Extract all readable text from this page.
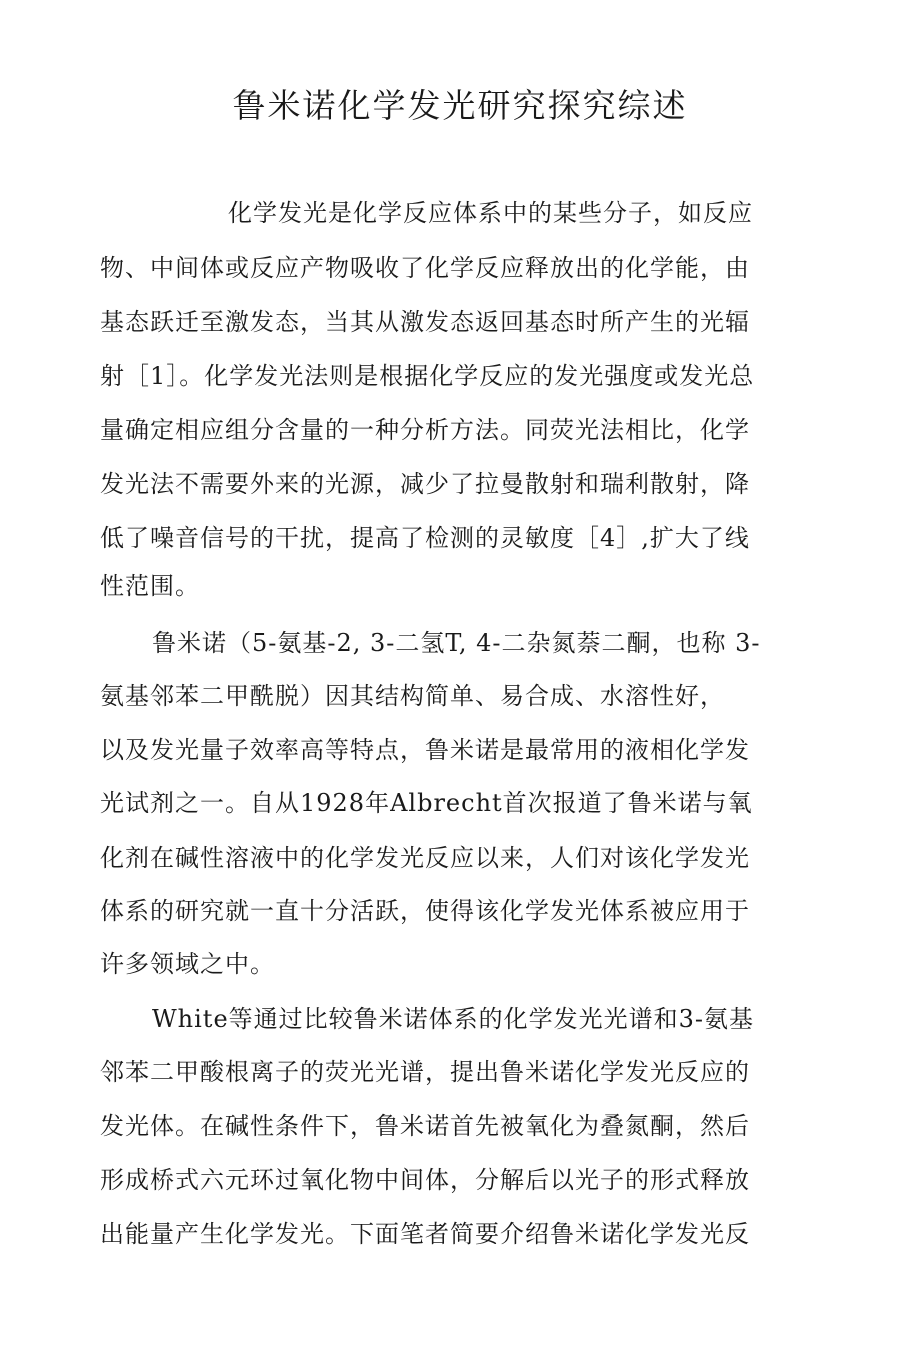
鲁米诺化学发光研究探究综述
化学发光是化学反应体系中的某些分子，如反应
物、中间体或反应产物吸收了化学反应释放出的化学能，由
基态跃迁至激发态，当其从激发态返回基态时所产生的光辐
射［1］。化学发光法则是根据化学反应的发光强度或发光总
量确定相应组分含量的一种分析方法。同荧光法相比，化学
发光法不需要外来的光源，减少了拉曼散射和瑞利散射，降
低了噪音信号的干扰，提高了检测的灵敏度［4］,扩大了线
性范围。
鲁米诺（5-氨基-2, 3-二氢T, 4-二杂氮萘二酮，也称 3-
氨基邻苯二甲酰脱）因其结构简单、易合成、水溶性好，
以及发光量子效率高等特点，鲁米诺是最常用的液相化学发
光试剂之一。自从1928年Albrecht首次报道了鲁米诺与氧
化剂在碱性溶液中的化学发光反应以来，人们对该化学发光
体系的研究就一直十分活跃，使得该化学发光体系被应用于
许多领域之中。
White等通过比较鲁米诺体系的化学发光光谱和3-氨基
邻苯二甲酸根离子的荧光光谱，提出鲁米诺化学发光反应的
发光体。在碱性条件下，鲁米诺首先被氧化为叠氮酮，然后
形成桥式六元环过氧化物中间体，分解后以光子的形式释放
出能量产生化学发光。下面笔者简要介绍鲁米诺化学发光反
